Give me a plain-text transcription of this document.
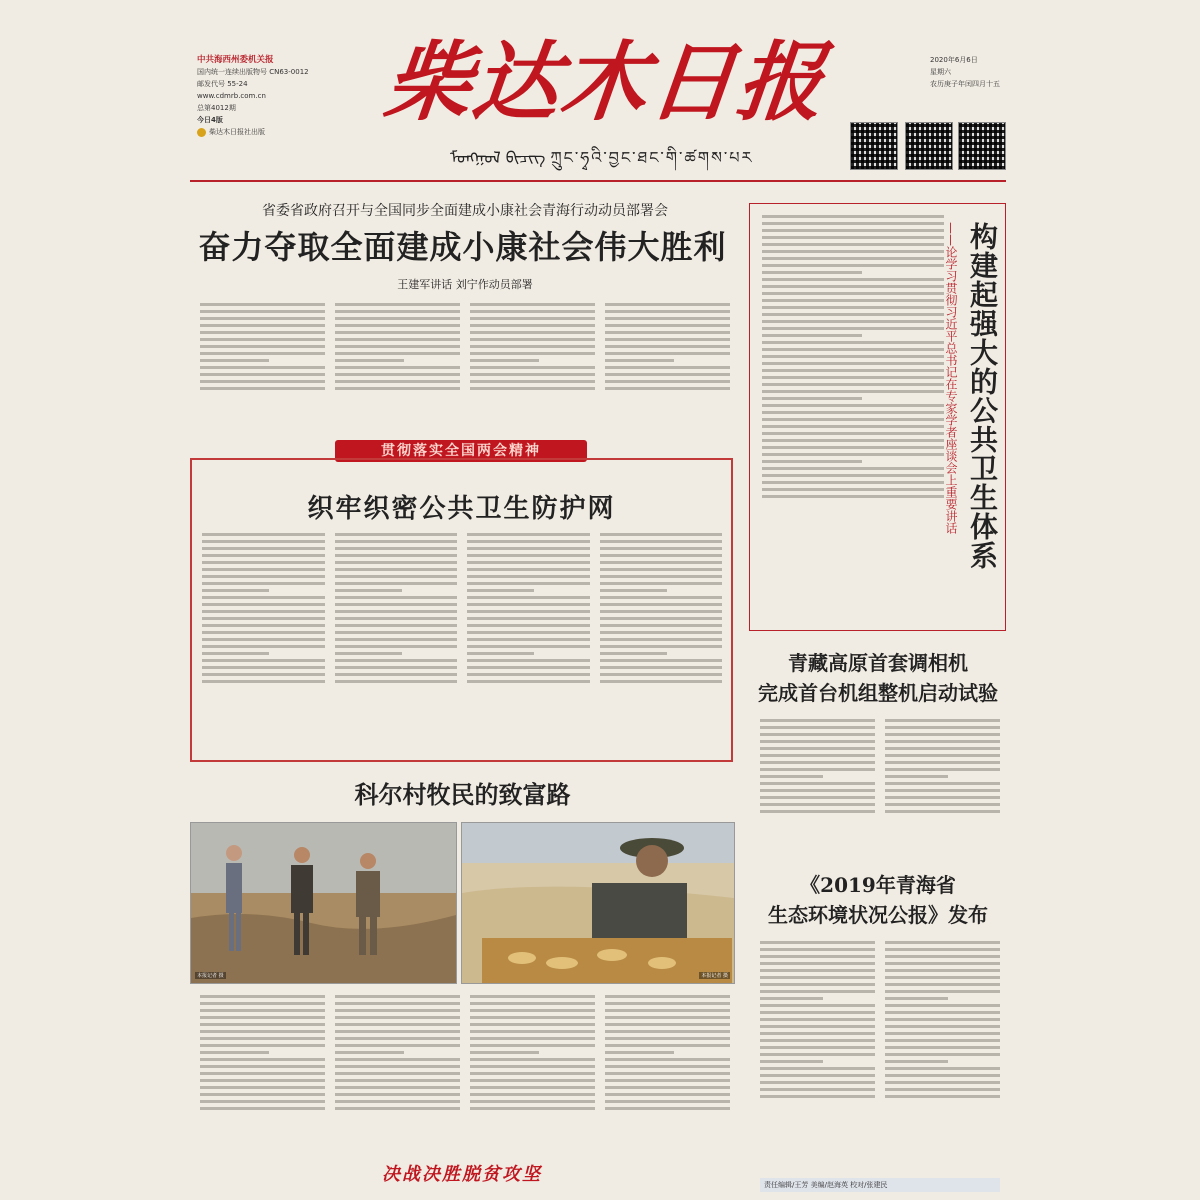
中共海西州委机关报
国内统一连续出版物号 CN63-0012
邮发代号 55-24
www.cdmrb.com.cn
总第4012期
今日4版
柴达木日报社出版 柴达木日报
ᠮᠣᠩᠭᠣᠯ ᠪᠢᠴᠢᠭ ཀྲུང་ཧྭའི་བྱང་ཐང་གི་ཚགས་པར
2020年6月6日
星期六
农历庚子年闰四月十五
省委省政府召开与全国同步全面建成小康社会青海行动动员部署会
奋力夺取全面建成小康社会伟大胜利
王建军讲话 刘宁作动员部署
贯彻落实全国两会精神
织牢织密公共卫生防护网	——论学习贯彻习近平总书记在专家学者座谈会上重要讲话 构建起强大的公共卫生体系
青藏高原首套调相机
完成首台机组整机启动试验
科尔村牧民的致富路
本报记者 摄	本报记者 摄
决战决胜脱贫攻坚
《2019年青海省
生态环境状况公报》发布
责任编辑/王芳 美编/赵海英 校对/张建民
